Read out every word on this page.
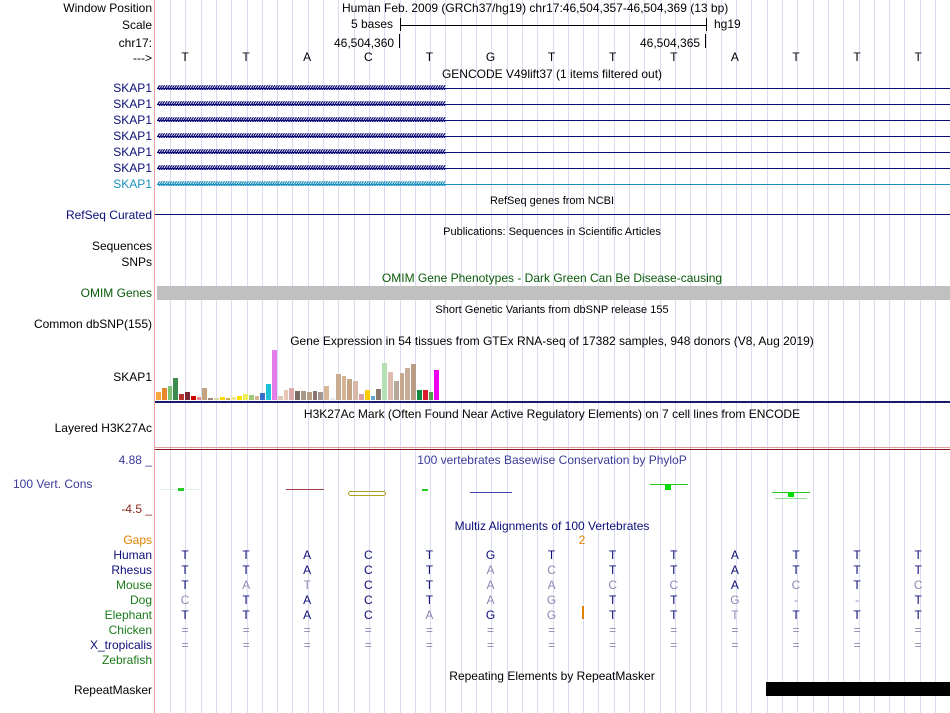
Window Position	Human Feb. 2009 (GRCh37/hg19) chr17:46,504,357-46,504,369 (13 bp)
Scale	5 bases	hg19
chr17:	46,504,360	46,504,365
---> T	T	A	C	T	G	T	T	T	A	T	T	T
GENCODE V49lift37 (1 items filtered out)
SKAP1 ‹‹‹‹‹‹‹‹‹‹‹‹‹‹‹‹‹‹‹‹‹‹‹‹‹‹‹‹‹‹‹‹‹‹‹‹‹‹‹‹‹‹‹‹‹‹‹‹‹‹‹‹‹‹‹‹‹‹‹‹‹‹‹‹‹‹‹‹‹‹‹‹‹‹‹‹‹‹‹‹‹‹‹‹‹‹‹‹‹‹‹‹‹‹‹‹‹‹‹‹‹‹‹‹‹‹‹‹‹‹‹‹‹‹‹‹‹‹‹‹
SKAP1 ‹‹‹‹‹‹‹‹‹‹‹‹‹‹‹‹‹‹‹‹‹‹‹‹‹‹‹‹‹‹‹‹‹‹‹‹‹‹‹‹‹‹‹‹‹‹‹‹‹‹‹‹‹‹‹‹‹‹‹‹‹‹‹‹‹‹‹‹‹‹‹‹‹‹‹‹‹‹‹‹‹‹‹‹‹‹‹‹‹‹‹‹‹‹‹‹‹‹‹‹‹‹‹‹‹‹‹‹‹‹‹‹‹‹‹‹‹‹‹‹
SKAP1 ‹‹‹‹‹‹‹‹‹‹‹‹‹‹‹‹‹‹‹‹‹‹‹‹‹‹‹‹‹‹‹‹‹‹‹‹‹‹‹‹‹‹‹‹‹‹‹‹‹‹‹‹‹‹‹‹‹‹‹‹‹‹‹‹‹‹‹‹‹‹‹‹‹‹‹‹‹‹‹‹‹‹‹‹‹‹‹‹‹‹‹‹‹‹‹‹‹‹‹‹‹‹‹‹‹‹‹‹‹‹‹‹‹‹‹‹‹‹‹‹
SKAP1 ‹‹‹‹‹‹‹‹‹‹‹‹‹‹‹‹‹‹‹‹‹‹‹‹‹‹‹‹‹‹‹‹‹‹‹‹‹‹‹‹‹‹‹‹‹‹‹‹‹‹‹‹‹‹‹‹‹‹‹‹‹‹‹‹‹‹‹‹‹‹‹‹‹‹‹‹‹‹‹‹‹‹‹‹‹‹‹‹‹‹‹‹‹‹‹‹‹‹‹‹‹‹‹‹‹‹‹‹‹‹‹‹‹‹‹‹‹‹‹‹
SKAP1 ‹‹‹‹‹‹‹‹‹‹‹‹‹‹‹‹‹‹‹‹‹‹‹‹‹‹‹‹‹‹‹‹‹‹‹‹‹‹‹‹‹‹‹‹‹‹‹‹‹‹‹‹‹‹‹‹‹‹‹‹‹‹‹‹‹‹‹‹‹‹‹‹‹‹‹‹‹‹‹‹‹‹‹‹‹‹‹‹‹‹‹‹‹‹‹‹‹‹‹‹‹‹‹‹‹‹‹‹‹‹‹‹‹‹‹‹‹‹‹‹
SKAP1 ‹‹‹‹‹‹‹‹‹‹‹‹‹‹‹‹‹‹‹‹‹‹‹‹‹‹‹‹‹‹‹‹‹‹‹‹‹‹‹‹‹‹‹‹‹‹‹‹‹‹‹‹‹‹‹‹‹‹‹‹‹‹‹‹‹‹‹‹‹‹‹‹‹‹‹‹‹‹‹‹‹‹‹‹‹‹‹‹‹‹‹‹‹‹‹‹‹‹‹‹‹‹‹‹‹‹‹‹‹‹‹‹‹‹‹‹‹‹‹‹
SKAP1 ‹‹‹‹‹‹‹‹‹‹‹‹‹‹‹‹‹‹‹‹‹‹‹‹‹‹‹‹‹‹‹‹‹‹‹‹‹‹‹‹‹‹‹‹‹‹‹‹‹‹‹‹‹‹‹‹‹‹‹‹‹‹‹‹‹‹‹‹‹‹‹‹‹‹‹‹‹‹‹‹‹‹‹‹‹‹‹‹‹‹‹‹‹‹‹‹‹‹‹‹‹‹‹‹‹‹‹‹‹‹‹‹‹‹‹‹‹‹‹‹
RefSeq Curated
RefSeq genes from NCBI
Publications: Sequences in Scientific Articles
Sequences
SNPs
OMIM Gene Phenotypes - Dark Green Can Be Disease-causing
OMIM Genes
Short Genetic Variants from dbSNP release 155
Common dbSNP(155)
Gene Expression in 54 tissues from GTEx RNA-seq of 17382 samples, 948 donors (V8, Aug 2019)
SKAP1
H3K27Ac Mark (Often Found Near Active Regulatory Elements) on 7 cell lines from ENCODE
Layered H3K27Ac
100 vertebrates Basewise Conservation by PhyloP
4.88 _
100 Vert. Cons
-4.5 _
Multiz Alignments of 100 Vertebrates
Gaps	2
Human T	T	A	C	T	G	T	T	T	A	T	T	T
Rhesus T	T	A	C	T	A	C	T	T	A	T	T	T
Mouse T	A	T	C	T	A	A	C	C	A	C	T	C
Dog C	T	A	C	T	A	G	T	T	G	-	-	T
Elephant T	T	A	C	A	G	G	T	T	T	T	T	T
Chicken =	=	=	=	=	=	=	=	=	=	=	=	=
X_tropicalis =	=	=	=	=	=	=	=	=	=	=	=	=
Zebrafish
Repeating Elements by RepeatMasker
RepeatMasker
